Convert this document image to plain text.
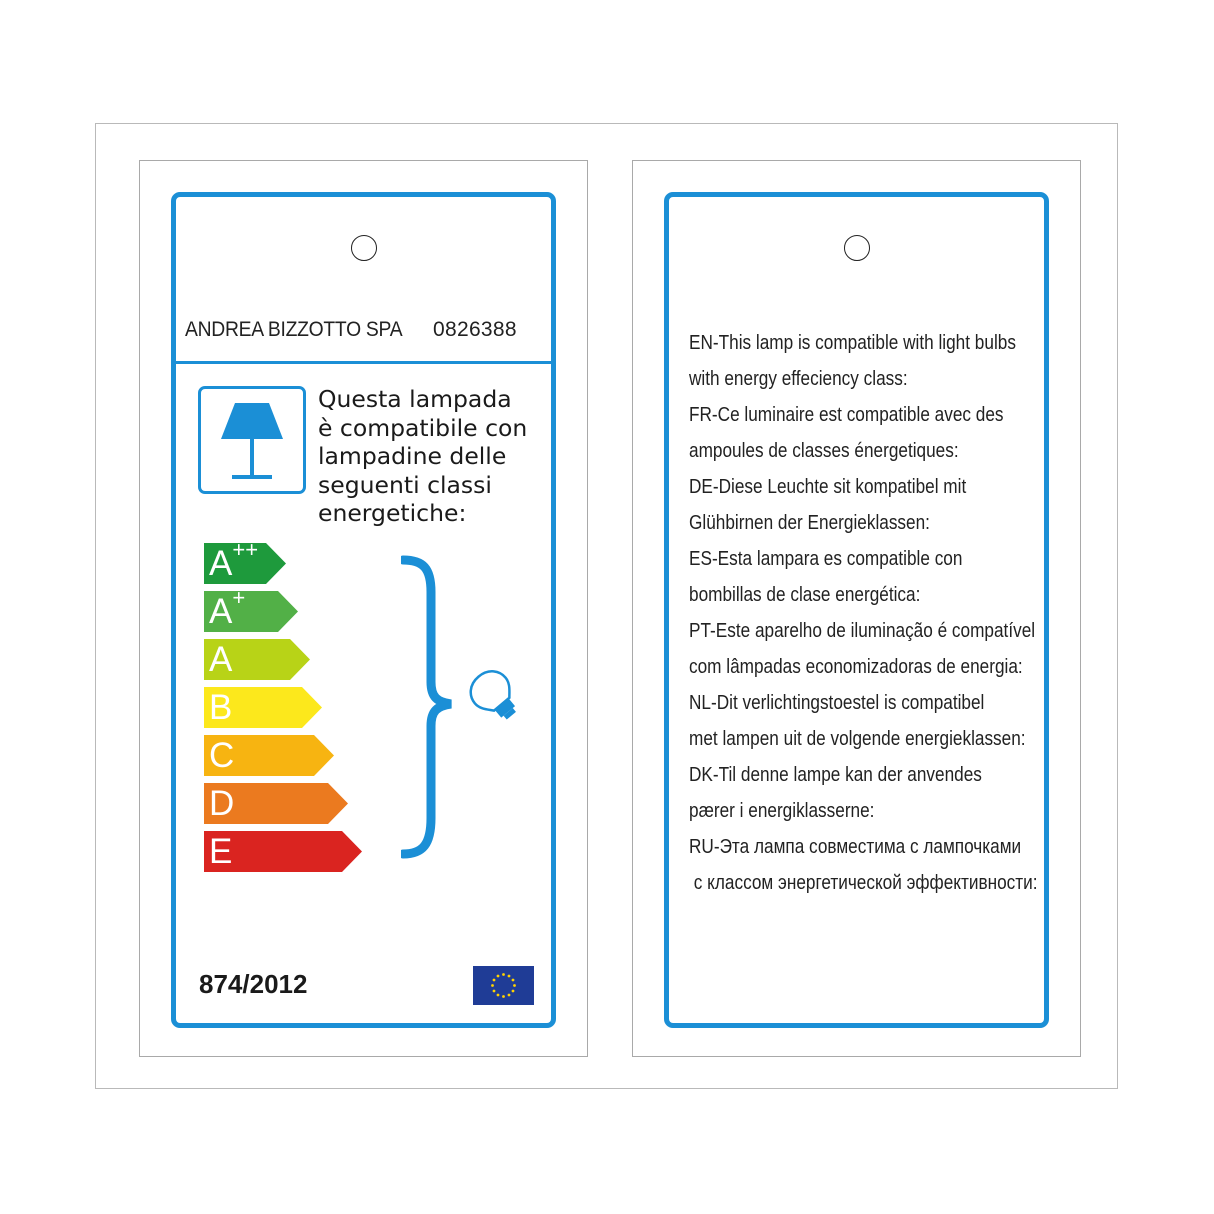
ANDREA BIZZOTTO SPA 0826388
Questa lampada
è compatibile con
lampadine delle
seguenti classi
energetiche:
A++
A+
A
B
C
D
E
874/2012
EN-This lamp is compatible with light bulbs
with energy effeciency class:
FR-Ce luminaire est compatible avec des
ampoules de classes énergetiques:
DE-Diese Leuchte sit kompatibel mit
Glühbirnen der Energieklassen:
ES-Esta lampara es compatible con
bombillas de clase energética:
PT-Este aparelho de iluminação é compatível
com lâmpadas economizadoras de energia:
NL-Dit verlichtingstoestel is compatibel
met lampen uit de volgende energieklassen:
DK-Til denne lampe kan der anvendes
pærer i energiklasserne:
RU-Эта лампа совместима с лампочками
с классом энергетической эффективности:
